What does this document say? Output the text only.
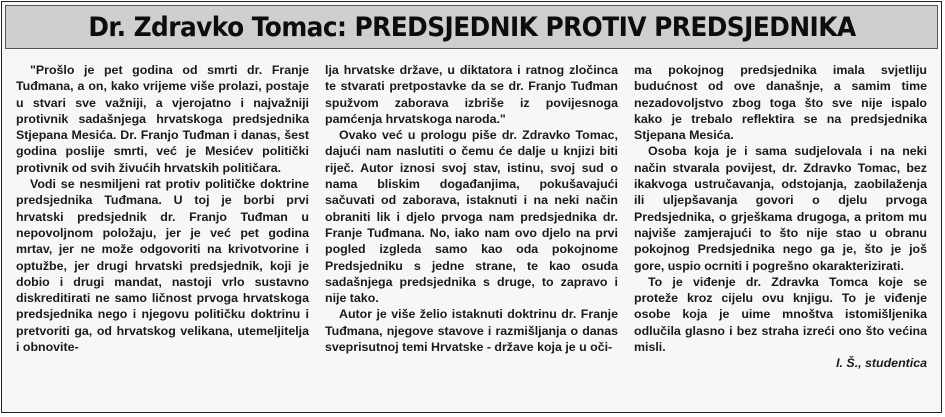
Dr. Zdravko Tomac: PREDSJEDNIK PROTIV PREDSJEDNIKA

"Prošlo je pet godina od smrti dr. Franje Tuđmana, a on, kako vrijeme više prolazi, postaje u stvari sve važniji, a vjerojatno i najvažniji protivnik sadašnjega hrvatskoga predsjednika Stjepana Mesića. Dr. Franjo Tuđman i danas, šest godina poslije smrti, već je Mesićev politički protivnik od svih živućih hrvatskih političara.

Vodi se nesmiljeni rat protiv političke doktrine predsjednika Tuđmana. U toj je borbi prvi hrvatski predsjednik dr. Franjo Tuđman u nepovoljnom položaju, jer je već pet godina mrtav, jer ne može odgovoriti na krivotvorine i optužbe, jer drugi hrvatski predsjednik, koji je dobio i drugi mandat, nastoji vrlo sustavno diskreditirati ne samo ličnost prvoga hrvatskoga predsjednika nego i njegovu političku doktrinu i pretvoriti ga, od hrvatskog velikana, utemeljitelja i obnovite-

lja hrvatske države, u diktatora i ratnog zločinca te stvarati pretpostavke da se dr. Franjo Tuđman spužvom zaborava izbriše iz povijesnoga pamćenja hrvatskoga naroda."

Ovako već u prologu piše dr. Zdravko Tomac, dajući nam naslutiti o čemu će dalje u knjizi biti riječ. Autor iznosi svoj stav, istinu, svoj sud o nama bliskim događanjima, pokušavajući sačuvati od zaborava, istaknuti i na neki način obraniti lik i djelo prvoga nam predsjednika dr. Franje Tuđmana. No, iako nam ovo djelo na prvi pogled izgleda samo kao oda pokojnome Predsjedniku s jedne strane, te kao osuda sadašnjega predsjednika s druge, to zapravo i nije tako.

Autor je više želio istaknuti doktrinu dr. Franje Tuđmana, njegove stavove i razmišljanja o danas sveprisutnoj temi Hrvatske - države koja je u oči-

ma pokojnog predsjednika imala svjetliju budućnost od ove današnje, a samim time nezadovoljstvo zbog toga što sve nije ispalo kako je trebalo reflektira se na predsjednika Stjepana Mesića.

Osoba koja je i sama sudjelovala i na neki način stvarala povijest, dr. Zdravko Tomac, bez ikakvoga ustručavanja, odstojanja, zaobilaženja ili uljepšavanja govori o djelu prvoga Predsjednika, o grješkama drugoga, a pritom mu najviše zamjerajući to što nije stao u obranu pokojnog Predsjednika nego ga je, što je još gore, uspio ocrniti i pogrešno okarakterizirati.

To je viđenje dr. Zdravka Tomca koje se proteže kroz cijelu ovu knjigu. To je viđenje osobe koja je uime mnoštva istomišljenika odlučila glasno i bez straha izreći ono što većina misli.

I. Š., studentica
